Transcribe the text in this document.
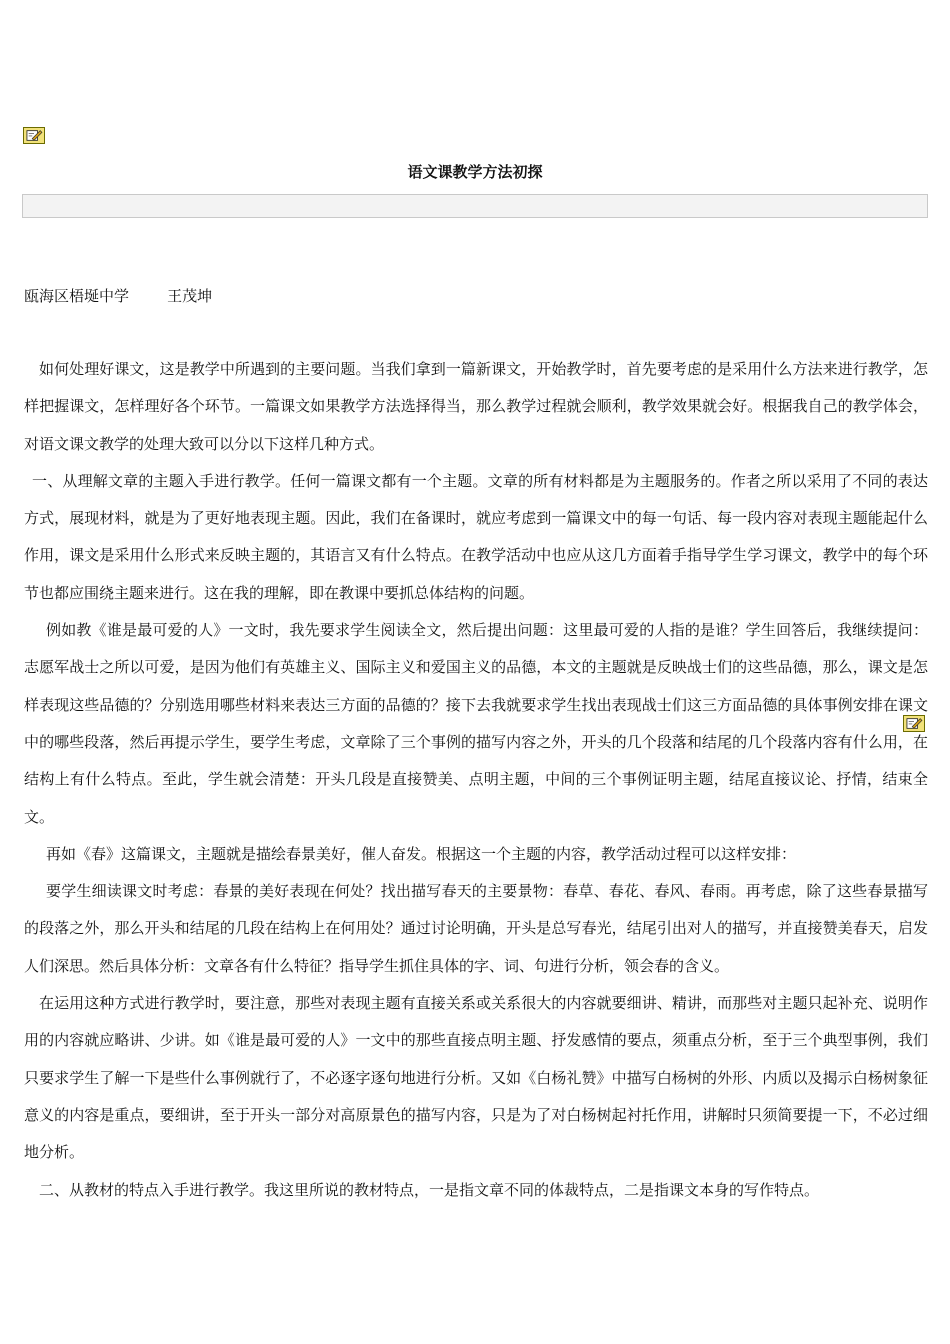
语文课教学方法初探
瓯海区梧埏中学        王茂坤

如何处理好课文，这是教学中所遇到的主要问题。当我们拿到一篇新课文，开始教学时，首先要考虑的是采用什么方法来进行教学，怎样把握课文，怎样理好各个环节。一篇课文如果教学方法选择得当，那么教学过程就会顺利，教学效果就会好。根据我自己的教学体会，对语文课文教学的处理大致可以分以下这样几种方式。

一、从理解文章的主题入手进行教学。任何一篇课文都有一个主题。文章的所有材料都是为主题服务的。作者之所以采用了不同的表达方式，展现材料，就是为了更好地表现主题。因此，我们在备课时，就应考虑到一篇课文中的每一句话、每一段内容对表现主题能起什么作用，课文是采用什么形式来反映主题的，其语言又有什么特点。在教学活动中也应从这几方面着手指导学生学习课文，教学中的每个环节也都应围绕主题来进行。这在我的理解，即在教课中要抓总体结构的问题。

例如教《谁是最可爱的人》一文时，我先要求学生阅读全文，然后提出问题：这里最可爱的人指的是谁？学生回答后，我继续提问：志愿军战士之所以可爱，是因为他们有英雄主义、国际主义和爱国主义的品德，本文的主题就是反映战士们的这些品德，那么，课文是怎样表现这些品德的？分别选用哪些材料来表达三方面的品德的？接下去我就要求学生找出表现战士们这三方面品德的具体事例安排在课文中的哪些段落，然后再提示学生，要学生考虑，文章除了三个事例的描写内容之外，开头的几个段落和结尾的几个段落内容有什么用，在结构上有什么特点。至此，学生就会清楚：开头几段是直接赞美、点明主题，中间的三个事例证明主题，结尾直接议论、抒情，结束全文。

再如《春》这篇课文，主题就是描绘春景美好，催人奋发。根据这一个主题的内容，教学活动过程可以这样安排：

要学生细读课文时考虑：春景的美好表现在何处？找出描写春天的主要景物：春草、春花、春风、春雨。再考虑，除了这些春景描写的段落之外，那么开头和结尾的几段在结构上在何用处？通过讨论明确，开头是总写春光，结尾引出对人的描写，并直接赞美春天，启发人们深思。然后具体分析：文章各有什么特征？指导学生抓住具体的字、词、句进行分析，领会春的含义。

在运用这种方式进行教学时，要注意，那些对表现主题有直接关系或关系很大的内容就要细讲、精讲，而那些对主题只起补充、说明作用的内容就应略讲、少讲。如《谁是最可爱的人》一文中的那些直接点明主题、抒发感情的要点，须重点分析，至于三个典型事例，我们只要求学生了解一下是些什么事例就行了，不必逐字逐句地进行分析。又如《白杨礼赞》中描写白杨树的外形、内质以及揭示白杨树象征意义的内容是重点，要细讲，至于开头一部分对高原景色的描写内容，只是为了对白杨树起衬托作用，讲解时只须简要提一下，不必过细地分析。

二、从教材的特点入手进行教学。我这里所说的教材特点，一是指文章不同的体裁特点，二是指课文本身的写作特点。
